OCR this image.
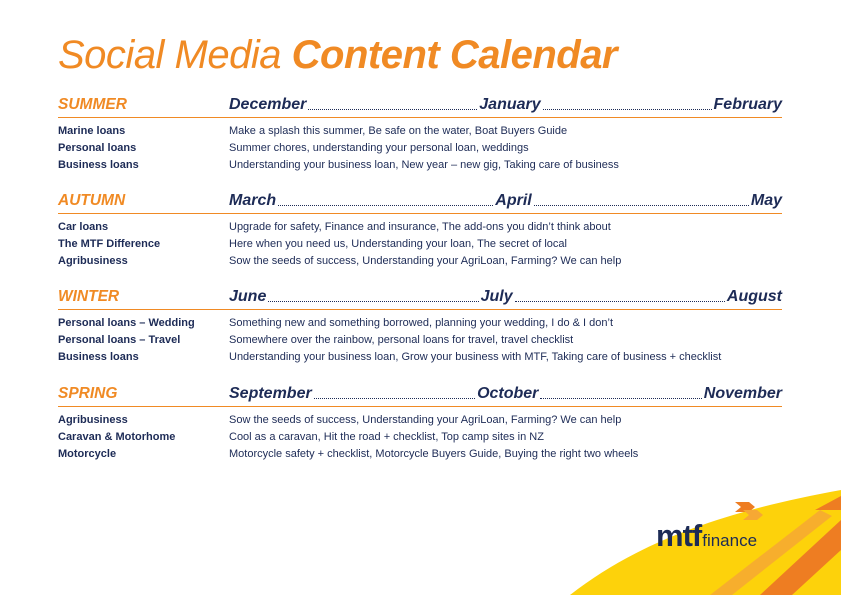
Social Media Content Calendar
SUMMER	December	January	February
Marine loans	Make a splash this summer, Be safe on the water, Boat Buyers Guide
Personal loans	Summer chores, understanding your personal loan, weddings
Business loans	Understanding your business loan, New year – new gig, Taking care of business
AUTUMN	March	April	May
Car loans	Upgrade for safety, Finance and insurance, The add-ons you didn’t think about
The MTF Difference	Here when you need us, Understanding your loan, The secret of local
Agribusiness	Sow the seeds of success, Understanding your AgriLoan, Farming? We can help
WINTER	June	July	August
Personal loans – Wedding	Something new and something borrowed, planning your wedding, I do & I don’t
Personal loans – Travel	Somewhere over the rainbow, personal loans for travel, travel checklist
Business loans	Understanding your business loan, Grow your business with MTF, Taking care of business + checklist
SPRING	September	October	November
Agribusiness	Sow the seeds of success, Understanding your AgriLoan, Farming? We can help
Caravan & Motorhome	Cool as a caravan, Hit the road + checklist, Top camp sites in NZ
Motorcycle	Motorcycle safety + checklist, Motorcycle Buyers Guide, Buying the right two wheels
mtffinance
